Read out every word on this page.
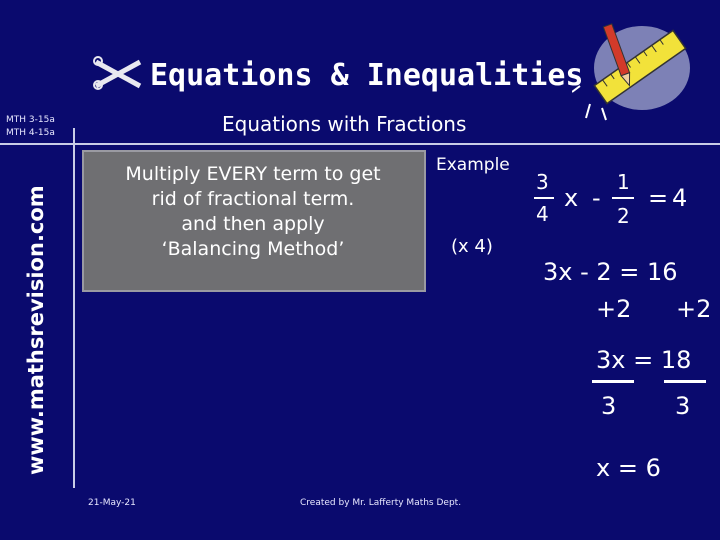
Equations & Inequalities
Equations with Fractions
MTH 3-15a
MTH 4-15a
www.mathsrevision.com
Multiply EVERY term to get
rid of fractional term.
and then apply
‘Balancing Method’
Example
(x 4)
3
4
x -
1
2
= 4
3x - 2 = 16
+2 +2
3x = 18
3 3
x = 6
21-May-21	Created by Mr. Lafferty Maths Dept.
